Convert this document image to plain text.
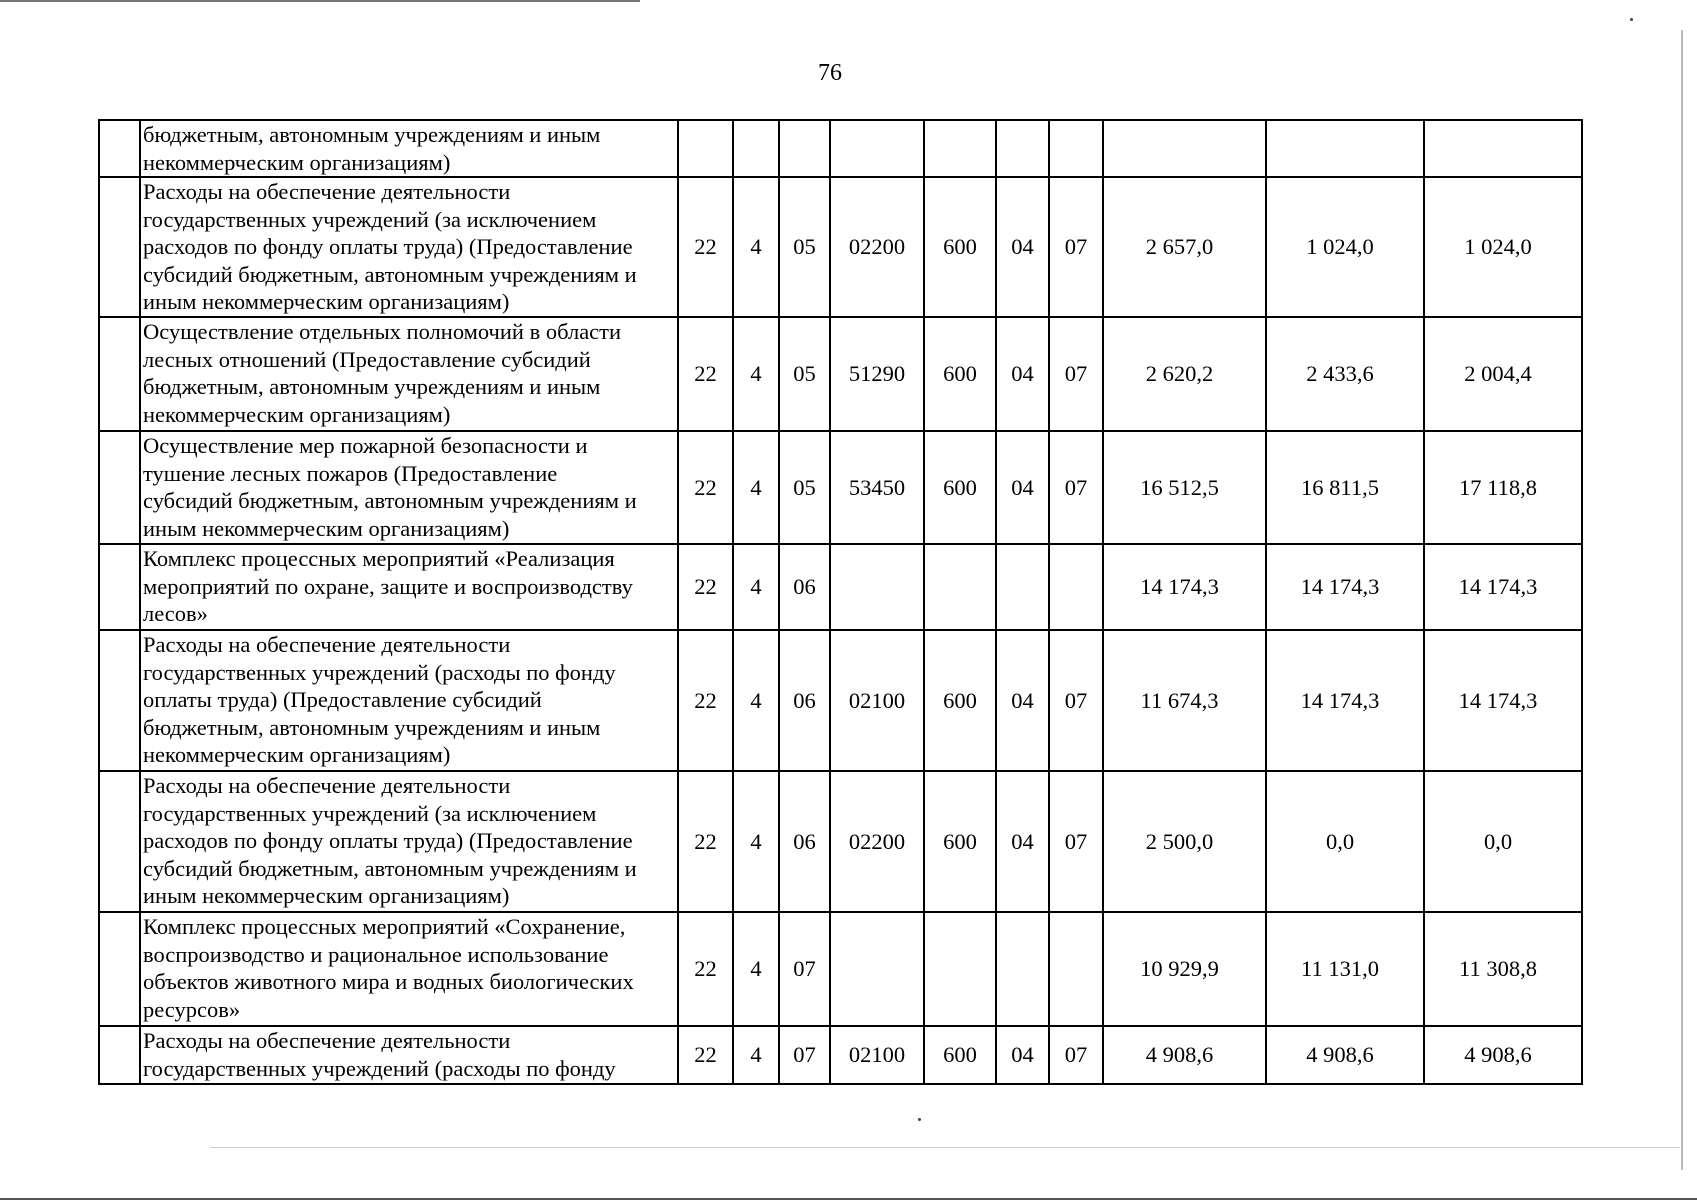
76
	бюджетным, автономным учреждениям и иным
некоммерческим организациям)										
	Расходы на обеспечение деятельности
государственных учреждений (за исключением
расходов по фонду оплаты труда) (Предоставление
субсидий бюджетным, автономным учреждениям и
иным некоммерческим организациям)	22	4	05	02200	600	04	07	2 657,0	1 024,0	1 024,0
	Осуществление отдельных полномочий в области
лесных отношений (Предоставление субсидий
бюджетным, автономным учреждениям и иным
некоммерческим организациям)	22	4	05	51290	600	04	07	2 620,2	2 433,6	2 004,4
	Осуществление мер пожарной безопасности и
тушение лесных пожаров (Предоставление
субсидий бюджетным, автономным учреждениям и
иным некоммерческим организациям)	22	4	05	53450	600	04	07	16 512,5	16 811,5	17 118,8
	Комплекс процессных мероприятий «Реализация
мероприятий по охране, защите и воспроизводству
лесов»	22	4	06					14 174,3	14 174,3	14 174,3
	Расходы на обеспечение деятельности
государственных учреждений (расходы по фонду
оплаты труда) (Предоставление субсидий
бюджетным, автономным учреждениям и иным
некоммерческим организациям)	22	4	06	02100	600	04	07	11 674,3	14 174,3	14 174,3
	Расходы на обеспечение деятельности
государственных учреждений (за исключением
расходов по фонду оплаты труда) (Предоставление
субсидий бюджетным, автономным учреждениям и
иным некоммерческим организациям)	22	4	06	02200	600	04	07	2 500,0	0,0	0,0
	Комплекс процессных мероприятий «Сохранение,
воспроизводство и рациональное использование
объектов животного мира и водных биологических
ресурсов»	22	4	07					10 929,9	11 131,0	11 308,8
	Расходы на обеспечение деятельности
государственных учреждений (расходы по фонду	22	4	07	02100	600	04	07	4 908,6	4 908,6	4 908,6
